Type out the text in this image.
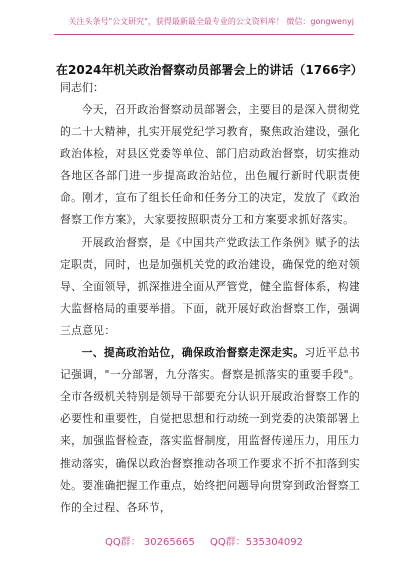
关注头条号"公文研究"，获得最新最全最专业的公文资料库！ 微信：gongwenyj
在2024年机关政治督察动员部署会上的讲话（1766字）
同志们：

今天，召开政治督察动员部署会，主要目的是深入贯彻党的二十大精神，扎实开展党纪学习教育，聚焦政治建设，强化政治体检，对县区党委等单位、部门启动政治督察，切实推动各地区各部门进一步提高政治站位，出色履行新时代职责使命。刚才，宣布了组长任命和任务分工的决定，发放了《政治督察工作方案》，大家要按照职责分工和方案要求抓好落实。

开展政治督察，是《中国共产党政法工作条例》赋予的法定职责，同时，也是加强机关党的政治建设，确保党的绝对领导、全面领导，抓深推进全面从严管党，健全监督体系，构建大监督格局的重要举措。下面，就开展好政治督察工作，强调三点意见：

一、提高政治站位，确保政治督察走深走实。习近平总书记强调，"一分部署，九分落实。督察是抓落实的重要手段"。全市各级机关特别是领导干部要充分认识开展政治督察工作的必要性和重要性，自觉把思想和行动统一到党委的决策部署上来，加强监督检查，落实监督制度，用监督传递压力，用压力推动落实，确保以政治督察推动各项工作要求不折不扣落到实处。要准确把握工作重点，始终把问题导向贯穿到政治督察工作的全过程、各环节，

QQ群： 30265665 QQ群：535304092
